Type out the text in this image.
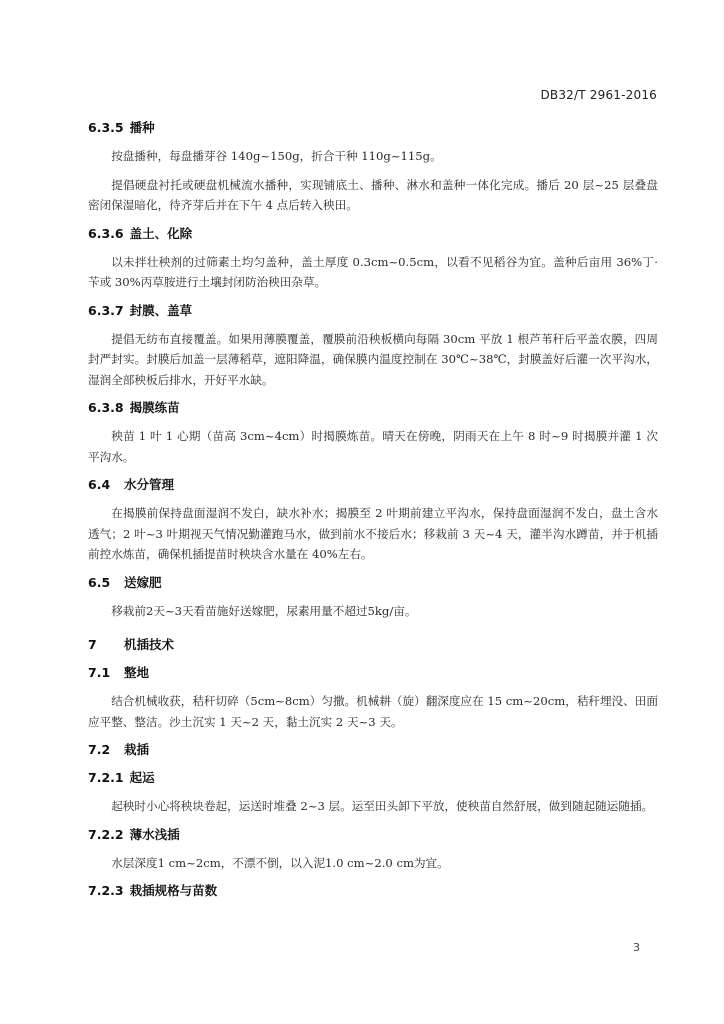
DB32/T 2961-2016
6.3.5 播种

按盘播种，每盘播芽谷 140g~150g，折合干种 110g~115g。

提倡硬盘衬托或硬盘机械流水播种，实现铺底土、播种、淋水和盖种一体化完成。播后 20 层~25 层叠盘密闭保湿暗化，待齐芽后并在下午 4 点后转入秧田。

6.3.6 盖土、化除

以未拌壮秧剂的过筛素土均匀盖种，盖土厚度 0.3cm~0.5cm，以看不见稻谷为宜。盖种后亩用 36%丁·苄或 30%丙草胺进行土壤封闭防治秧田杂草。

6.3.7 封膜、盖草

提倡无纺布直接覆盖。如果用薄膜覆盖，覆膜前沿秧板横向每隔 30cm 平放 1 根芦苇秆后平盖农膜，四周封严封实。封膜后加盖一层薄稻草，遮阳降温，确保膜内温度控制在 30℃~38℃，封膜盖好后灌一次平沟水，湿润全部秧板后排水，开好平水缺。

6.3.8 揭膜练苗

秧苗 1 叶 1 心期（苗高 3cm~4cm）时揭膜炼苗。晴天在傍晚，阴雨天在上午 8 时~9 时揭膜并灌 1 次平沟水。

6.4 水分管理

在揭膜前保持盘面湿润不发白，缺水补水；揭膜至 2 叶期前建立平沟水，保持盘面湿润不发白，盘土含水透气；2 叶~3 叶期视天气情况勤灌跑马水，做到前水不接后水；移栽前 3 天~4 天，灌半沟水蹲苗，并于机插前控水炼苗，确保机插提苗时秧块含水量在 40%左右。

6.5 送嫁肥

移栽前2天~3天看苗施好送嫁肥，尿素用量不超过5kg/亩。

7 机插技术
7.1 整地

结合机械收获，秸秆切碎（5cm~8cm）匀撒。机械耕（旋）翻深度应在 15 cm~20cm，秸秆埋没、田面应平整、整洁。沙土沉实 1 天~2 天，黏土沉实 2 天~3 天。

7.2 栽插
7.2.1 起运

起秧时小心将秧块卷起，运送时堆叠 2~3 层。运至田头卸下平放，使秧苗自然舒展，做到随起随运随插。

7.2.2 薄水浅插

水层深度1 cm~2cm，不漂不倒，以入泥1.0 cm~2.0 cm为宜。

7.2.3 栽插规格与苗数
3
